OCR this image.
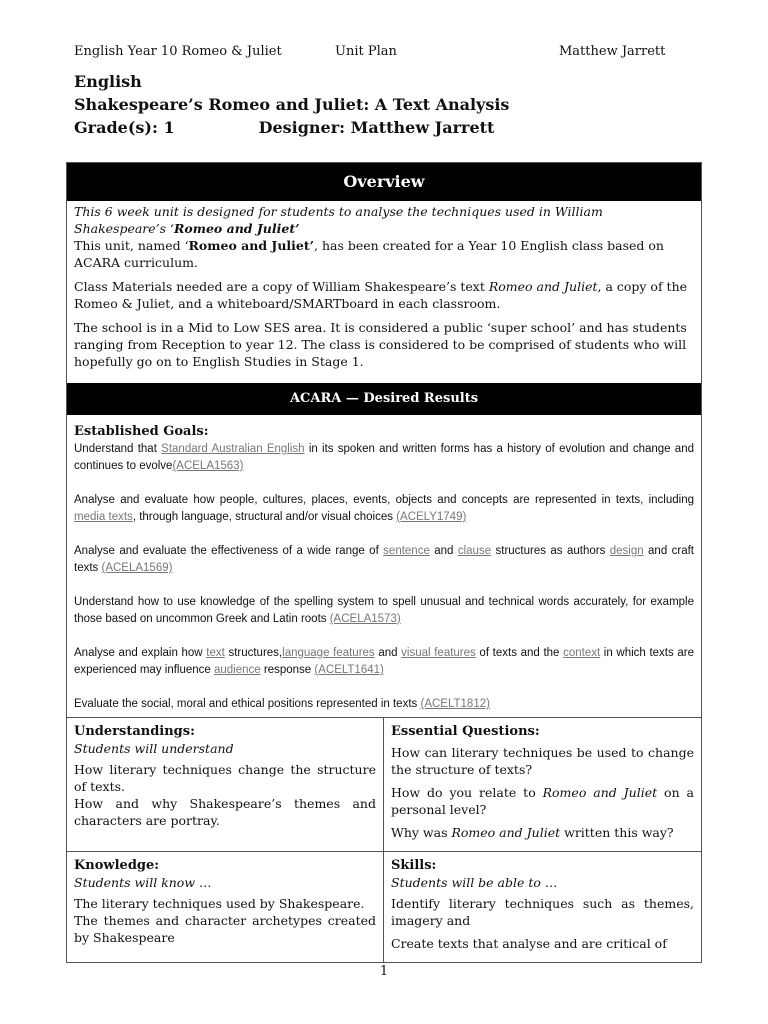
English Year 10 Romeo & Juliet	Unit Plan	Matthew Jarrett
English
Shakespeare’s Romeo and Juliet: A Text Analysis
Grade(s): 1	Designer: Matthew Jarrett
Overview

This 6 week unit is designed for students to analyse the techniques used in William Shakespeare’s ‘Romeo and Juliet’

This unit, named ‘Romeo and Juliet’, has been created for a Year 10 English class based on ACARA curriculum.

Class Materials needed are a copy of William Shakespeare’s text Romeo and Juliet, a copy of the Romeo & Juliet, and a whiteboard/SMARTboard in each classroom.

The school is in a Mid to Low SES area. It is considered a public ‘super school’ and has students ranging from Reception to year 12. The class is considered to be comprised of students who will hopefully go on to English Studies in Stage 1.

ACARA — Desired Results
Established Goals:

Understand that Standard Australian English in its spoken and written forms has a history of evolution and change and continues to evolve(ACELA1563)

Analyse and evaluate how people, cultures, places, events, objects and concepts are represented in texts, including media texts, through language, structural and/or visual choices (ACELY1749)

Analyse and evaluate the effectiveness of a wide range of sentence and clause structures as authors design and craft texts (ACELA1569)

Understand how to use knowledge of the spelling system to spell unusual and technical words accurately, for example those based on uncommon Greek and Latin roots (ACELA1573)

Analyse and explain how text structures,language features and visual features of texts and the context in which texts are experienced may influence audience response (ACELT1641)

Evaluate the social, moral and ethical positions represented in texts (ACELT1812)

Understandings:
Students will understand

How literary techniques change the structure of texts.

How and why Shakespeare’s themes and characters are portray.

Essential Questions:

How can literary techniques be used to change the structure of texts?

How do you relate to Romeo and Juliet on a personal level?

Why was Romeo and Juliet written this way?

Knowledge:
Students will know …

The literary techniques used by Shakespeare.

The themes and character archetypes created by Shakespeare

Skills:
Students will be able to …

Identify literary techniques such as themes, imagery and

Create texts that analyse and are critical of

1
